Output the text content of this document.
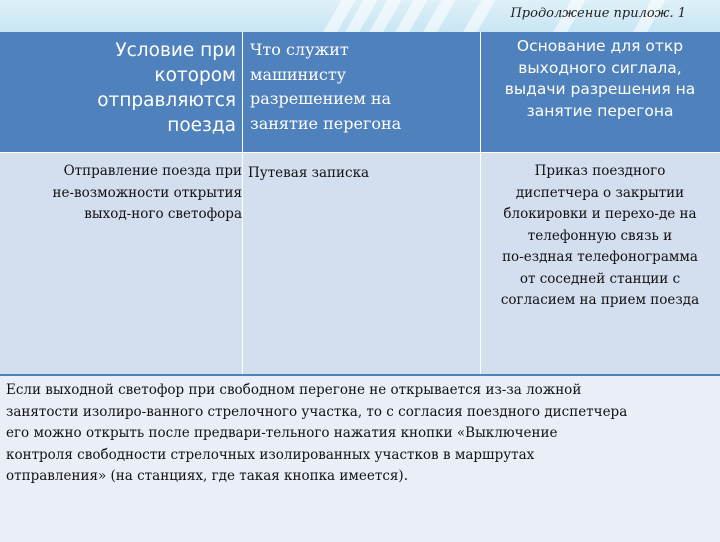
Продолжение прилож. 1
Условие при
котором
отправляются
поезда
Что служит
машинисту
разрешением на
занятие перегона
Основание для откр
выходного сиглала,
выдачи разрешения на
занятие перегона
Отправление поезда при
не-возможности открытия
выход-ного светофора
Путевая записка	Приказ поездного
диспетчера о закрытии
блокировки и перехо-де на
телефонную связь и
по-ездная телефонограмма
от соседней станции с
согласием на прием поезда
Если выходной светофор при свободном перегоне не открывается из-за ложной
занятости изолиро-ванного стрелочного участка, то с согласия поездного диспетчера
его можно открыть после предвари-тельного нажатия кнопки «Выключение
контроля свободности стрелочных изолированных участков в маршрутах
отправления» (на станциях, где такая кнопка имеется).
